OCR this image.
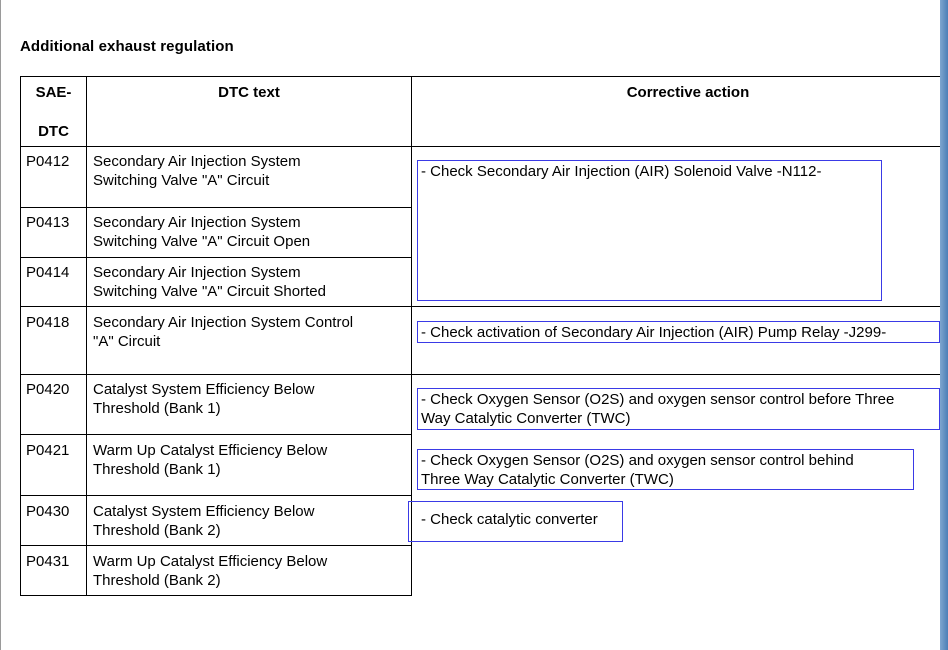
Additional exhaust regulation
SAE-
DTC
DTC text	Corrective action
P0412 Secondary Air Injection System
Switching Valve "A" Circuit
P0413 Secondary Air Injection System
Switching Valve "A" Circuit Open
P0414 Secondary Air Injection System
Switching Valve "A" Circuit Shorted
P0418 Secondary Air Injection System Control
"A" Circuit
P0420 Catalyst System Efficiency Below
Threshold (Bank 1)
P0421 Warm Up Catalyst Efficiency Below
Threshold (Bank 1)
P0430 Catalyst System Efficiency Below
Threshold (Bank 2)
P0431 Warm Up Catalyst Efficiency Below
Threshold (Bank 2)
- Check Secondary Air Injection (AIR) Solenoid Valve -N112-
- Check activation of Secondary Air Injection (AIR) Pump Relay -J299-
- Check Oxygen Sensor (O2S) and oxygen sensor control before Three
Way Catalytic Converter (TWC)
- Check Oxygen Sensor (O2S) and oxygen sensor control behind
Three Way Catalytic Converter (TWC)
- Check catalytic converter
